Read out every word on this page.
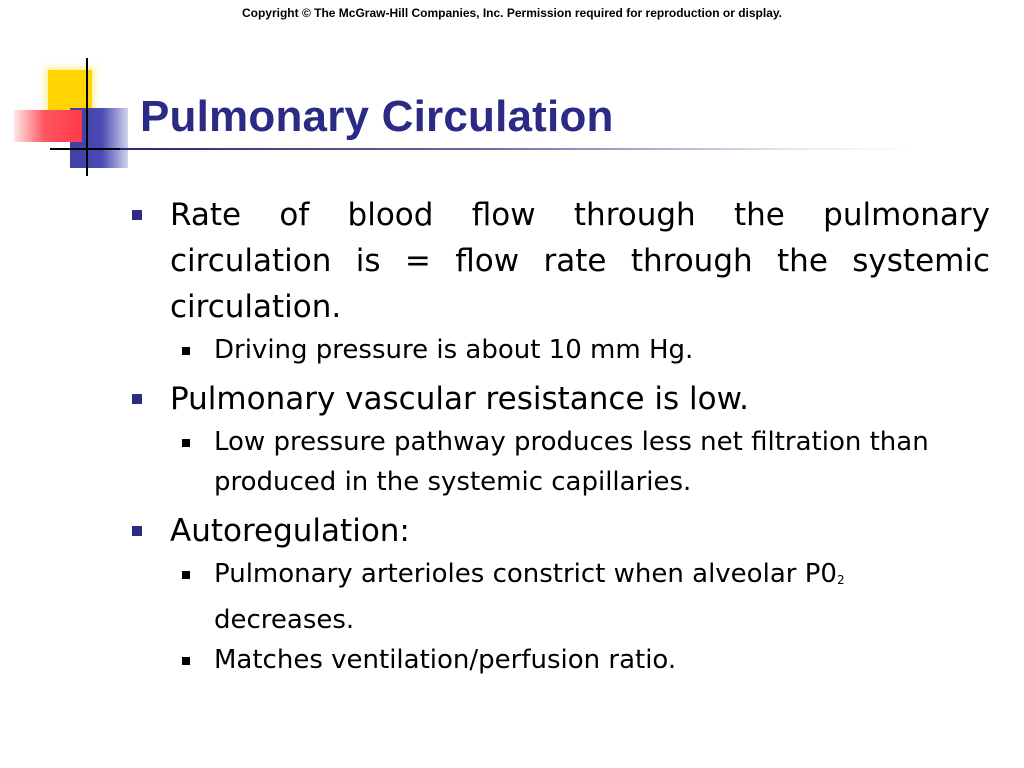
Copyright © The McGraw-Hill Companies, Inc. Permission required for reproduction or display.
Pulmonary Circulation
Rate of blood flow through the pulmonary circulation is = flow rate through the systemic circulation.
Driving pressure is about 10 mm Hg.
Pulmonary vascular resistance is low.
Low pressure pathway produces less net filtration than produced in the systemic capillaries.
Autoregulation:
Pulmonary arterioles constrict when alveolar $P0_2$ decreases.
Matches ventilation/perfusion ratio.
